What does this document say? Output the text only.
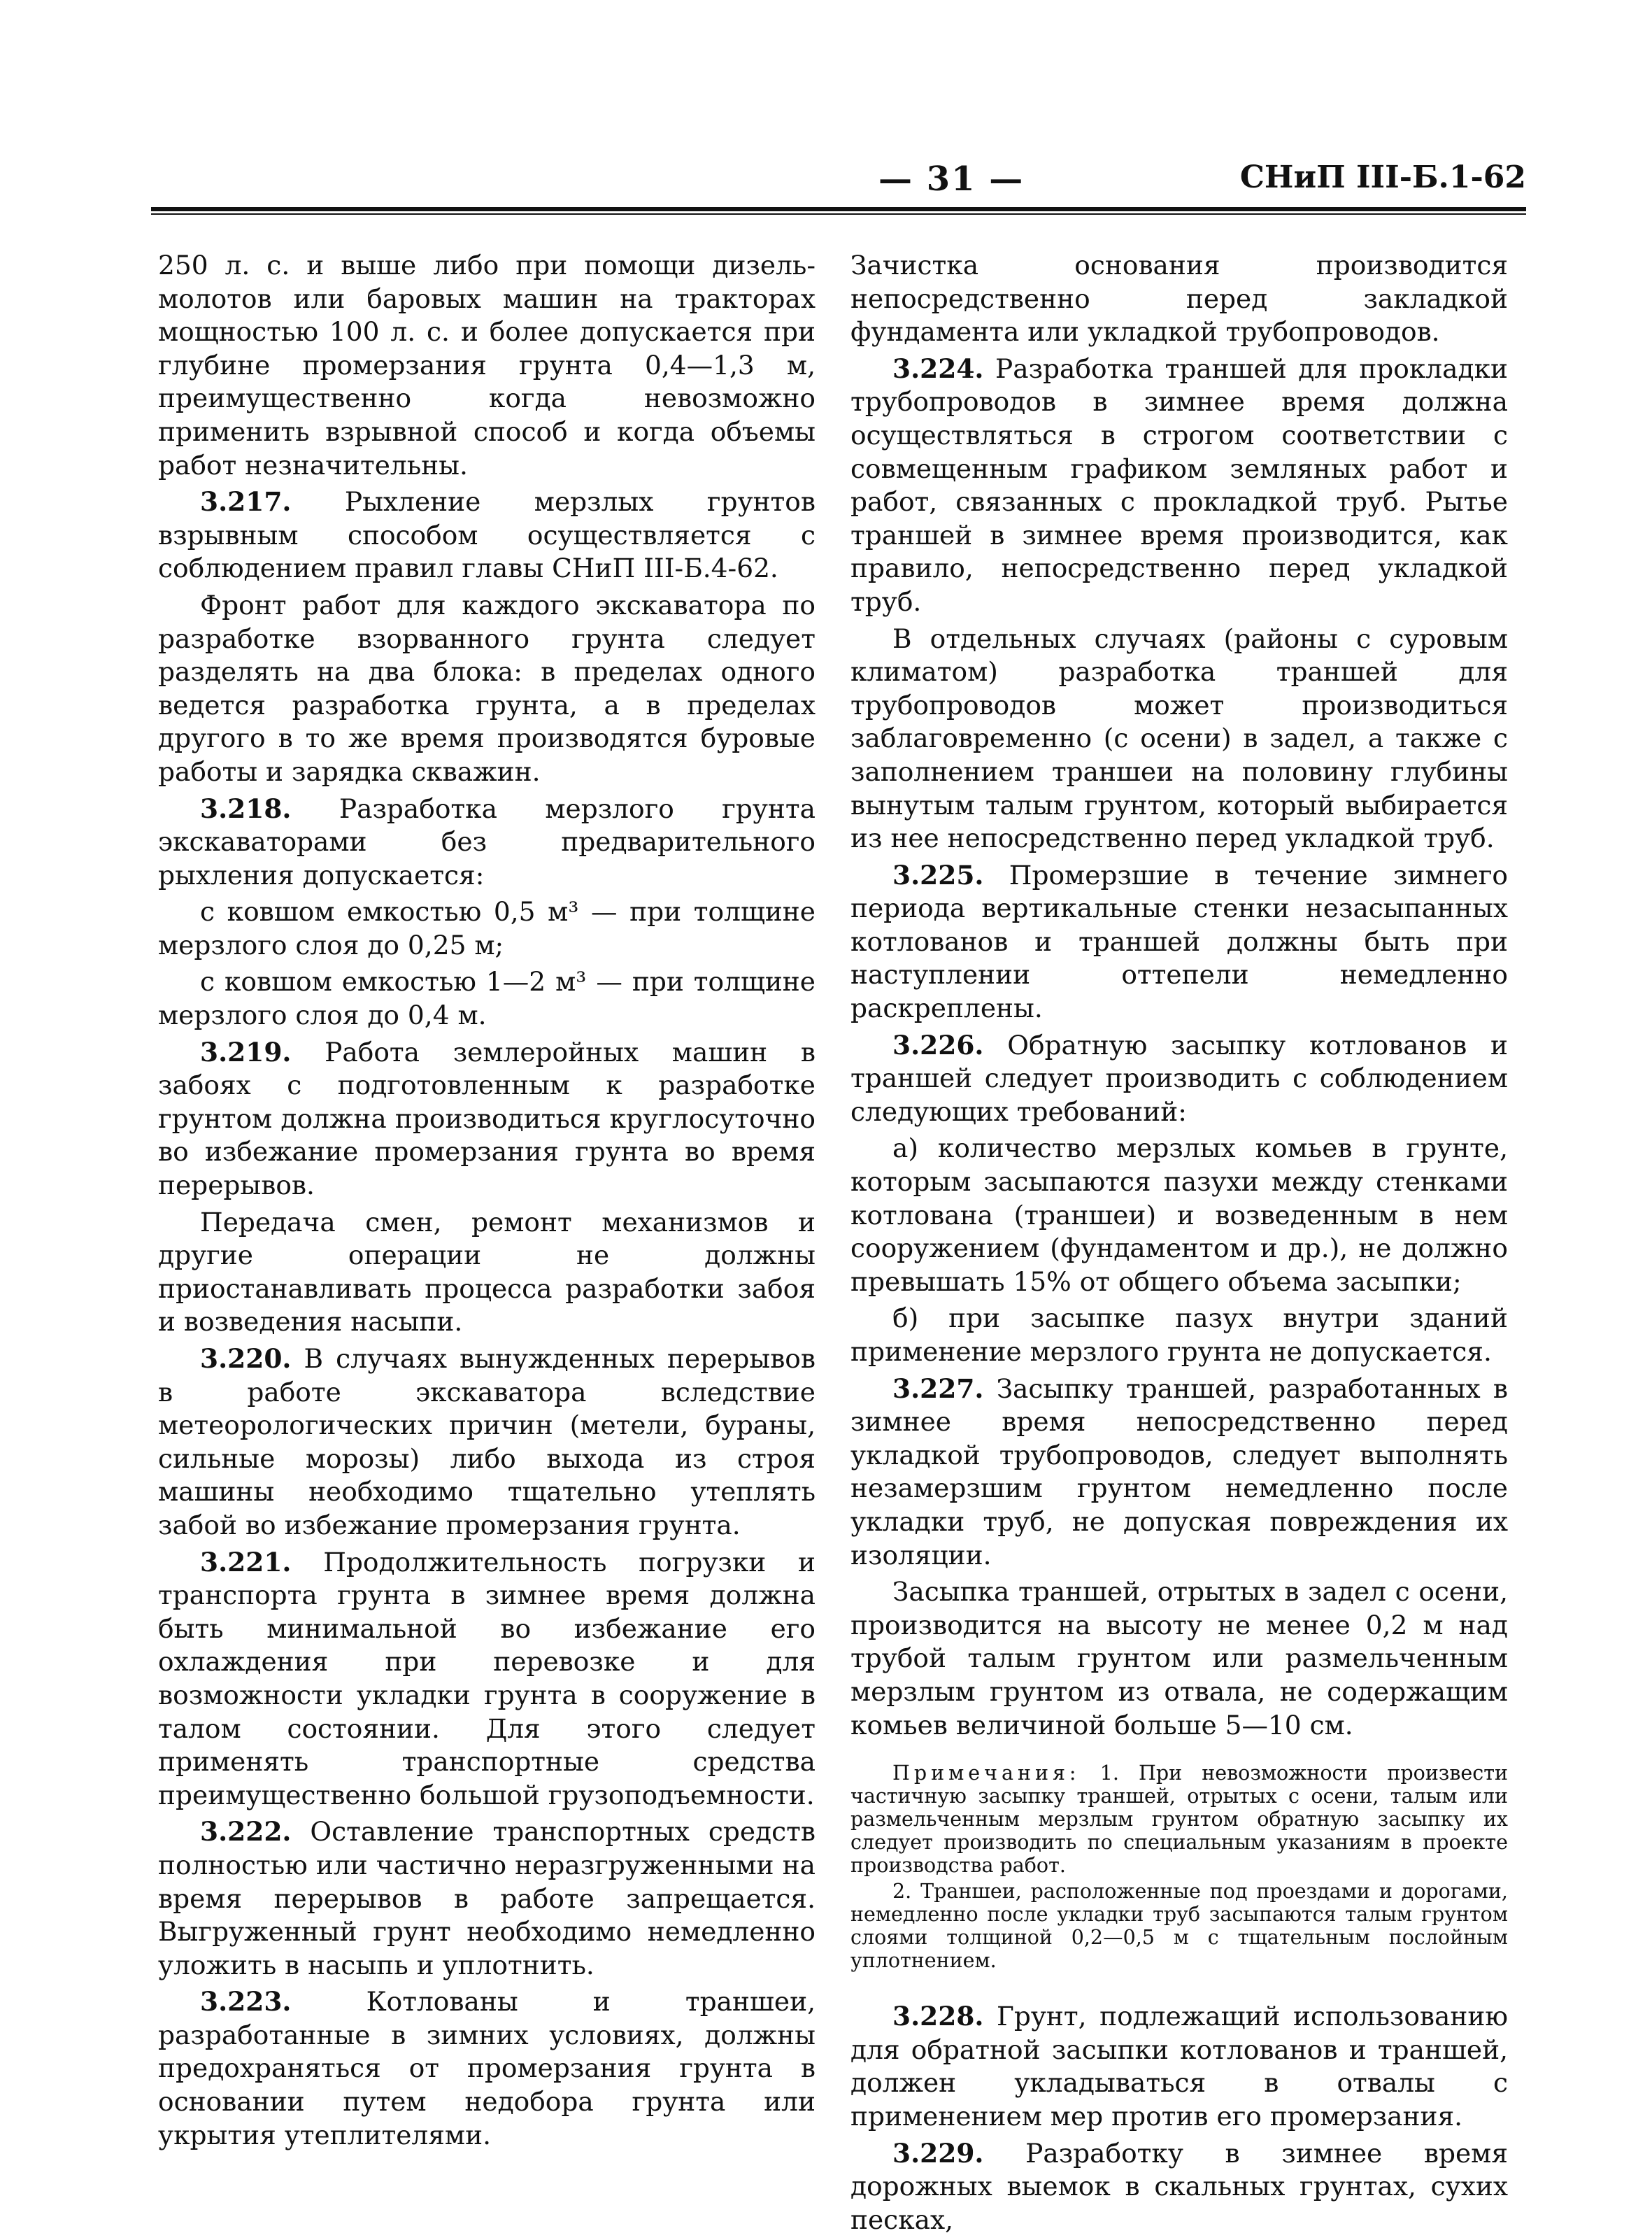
— 31 —	СНиП III-Б.1-62

250 л. с. и выше либо при помощи дизель-молотов или баровых машин на тракторах мощностью 100 л. с. и более допускается при глубине промерзания грунта 0,4—1,3 м, преимущественно когда невозможно применить взрывной способ и когда объемы работ незначительны.

3.217. Рыхление мерзлых грунтов взрывным способом осуществляется с соблюдением правил главы СНиП III-Б.4-62.

Фронт работ для каждого экскаватора по разработке взорванного грунта следует разделять на два блока: в пределах одного ведется разработка грунта, а в пределах другого в то же время производятся буровые работы и зарядка скважин.

3.218. Разработка мерзлого грунта экскаваторами без предварительного рыхления допускается:

с ковшом емкостью 0,5 м³ — при толщине мерзлого слоя до 0,25 м;

с ковшом емкостью 1—2 м³ — при толщине мерзлого слоя до 0,4 м.

3.219. Работа землеройных машин в забоях с подготовленным к разработке грунтом должна производиться круглосуточно во избежание промерзания грунта во время перерывов.

Передача смен, ремонт механизмов и другие операции не должны приостанавливать процесса разработки забоя и возведения насыпи.

3.220. В случаях вынужденных перерывов в работе экскаватора вследствие метеорологических причин (метели, бураны, сильные морозы) либо выхода из строя машины необходимо тщательно утеплять забой во избежание промерзания грунта.

3.221. Продолжительность погрузки и транспорта грунта в зимнее время должна быть минимальной во избежание его охлаждения при перевозке и для возможности укладки грунта в сооружение в талом состоянии. Для этого следует применять транспортные средства преимущественно большой грузоподъемности.

3.222. Оставление транспортных средств полностью или частично неразгруженными на время перерывов в работе запрещается. Выгруженный грунт необходимо немедленно уложить в насыпь и уплотнить.

3.223. Котлованы и траншеи, разработанные в зимних условиях, должны предохраняться от промерзания грунта в основании путем недобора грунта или укрытия утеплителями.

Зачистка основания производится непосредственно перед закладкой фундамента или укладкой трубопроводов.

3.224. Разработка траншей для прокладки трубопроводов в зимнее время должна осуществляться в строгом соответствии с совмещенным графиком земляных работ и работ, связанных с прокладкой труб. Рытье траншей в зимнее время производится, как правило, непосредственно перед укладкой труб.

В отдельных случаях (районы с суровым климатом) разработка траншей для трубопроводов может производиться заблаговременно (с осени) в задел, а также с заполнением траншеи на половину глубины вынутым талым грунтом, который выбирается из нее непосредственно перед укладкой труб.

3.225. Промерзшие в течение зимнего периода вертикальные стенки незасыпанных котлованов и траншей должны быть при наступлении оттепели немедленно раскреплены.

3.226. Обратную засыпку котлованов и траншей следует производить с соблюдением следующих требований:

а) количество мерзлых комьев в грунте, которым засыпаются пазухи между стенками котлована (траншеи) и возведенным в нем сооружением (фундаментом и др.), не должно превышать 15% от общего объема засыпки;

б) при засыпке пазух внутри зданий применение мерзлого грунта не допускается.

3.227. Засыпку траншей, разработанных в зимнее время непосредственно перед укладкой трубопроводов, следует выполнять незамерзшим грунтом немедленно после укладки труб, не допуская повреждения их изоляции.

Засыпка траншей, отрытых в задел с осени, производится на высоту не менее 0,2 м над трубой талым грунтом или размельченным мерзлым грунтом из отвала, не содержащим комьев величиной больше 5—10 см.

Примечания: 1. При невозможности произвести частичную засыпку траншей, отрытых с осени, талым или размельченным мерзлым грунтом обратную засыпку их следует производить по специальным указаниям в проекте производства работ.

2. Траншеи, расположенные под проездами и дорогами, немедленно после укладки труб засыпаются талым грунтом слоями толщиной 0,2—0,5 м с тщательным послойным уплотнением.

3.228. Грунт, подлежащий использованию для обратной засыпки котлованов и траншей, должен укладываться в отвалы с применением мер против его промерзания.

3.229. Разработку в зимнее время дорожных выемок в скальных грунтах, сухих песках,
